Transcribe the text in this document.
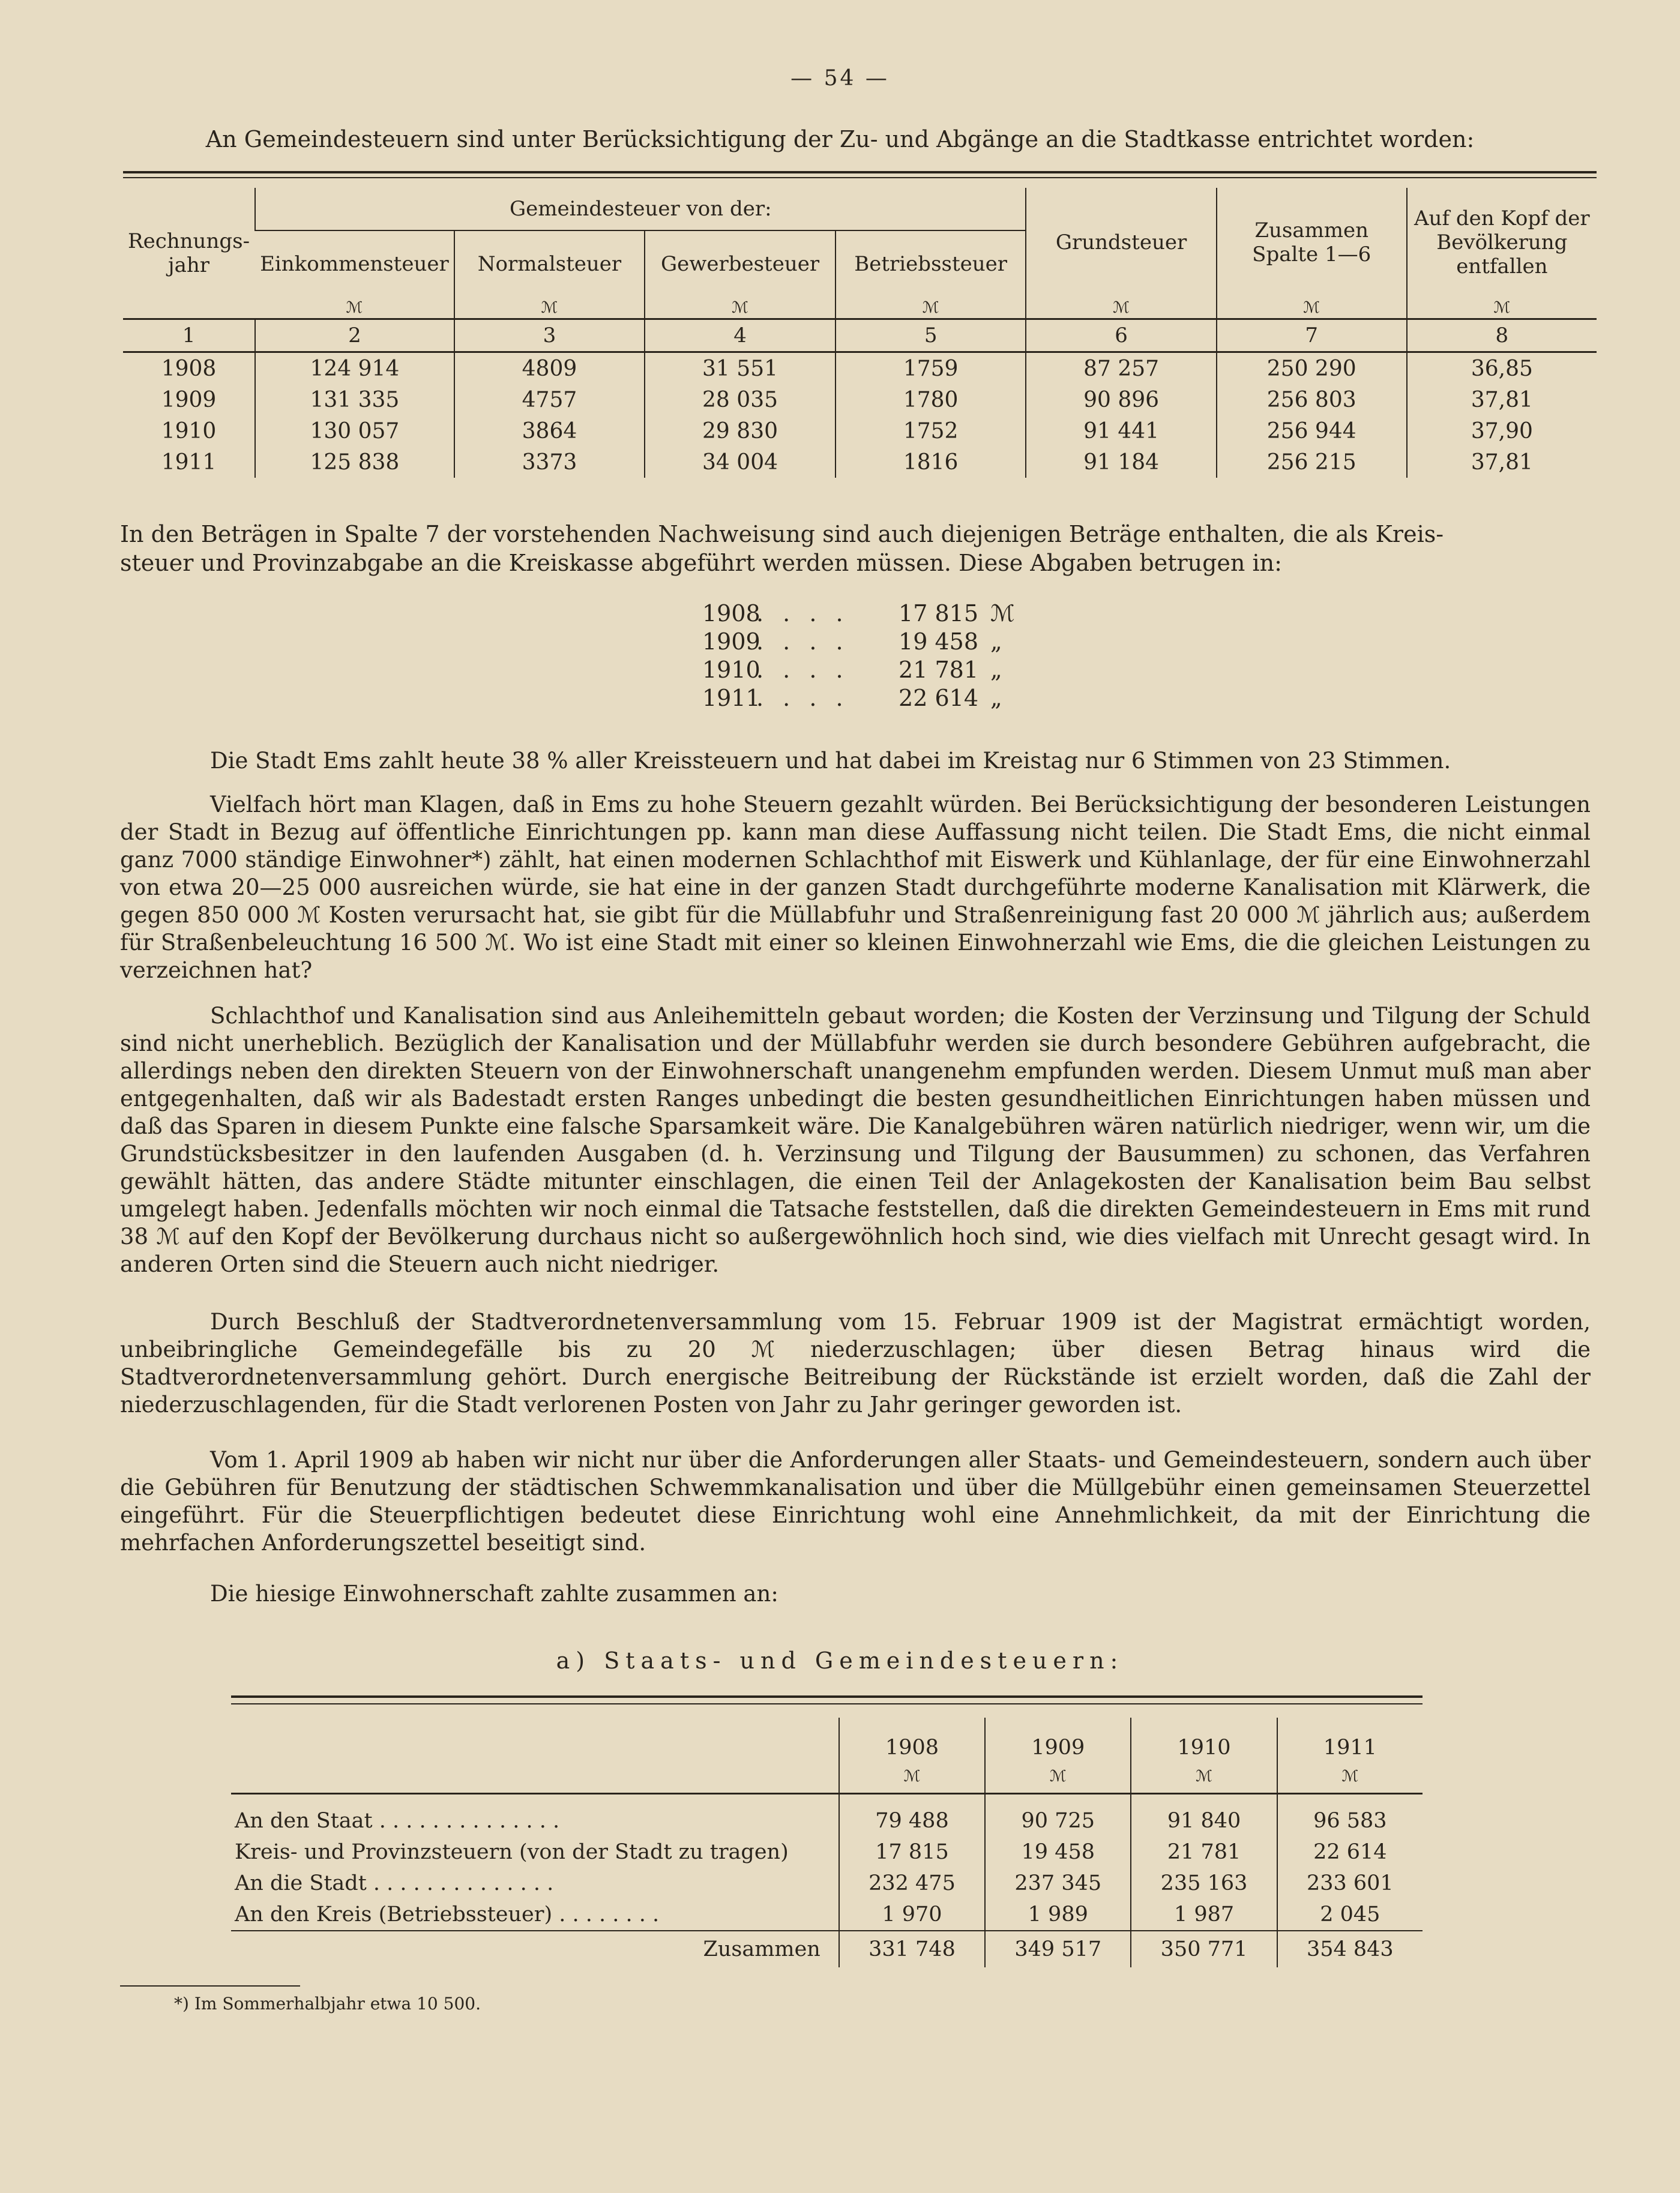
— 54 —
An Gemeindesteuern sind unter Berücksichtigung der Zu- und Abgänge an die Stadtkasse entrichtet worden:
Rechnungs-jahr	Gemeindesteuer von der:				Grundsteuer	Zusammen Spalte 1—6	Auf den Kopf der Bevölkerung entfallen
	Einkommensteuer	Normalsteuer	Gewerbesteuer	Betriebssteuer			
	ℳ	ℳ	ℳ	ℳ	ℳ	ℳ	ℳ
1	2	3	4	5	6	7	8
1908	124 914	4809	31 551	1759	87 257	250 290	36,85
1909	131 335	4757	28 035	1780	90 896	256 803	37,81
1910	130 057	3864	29 830	1752	91 441	256 944	37,90
1911	125 838	3373	34 004	1816	91 184	256 215	37,81
In den Beträgen in Spalte 7 der vorstehenden Nachweisung sind auch diejenigen Beträge enthalten, die als Kreis-
steuer und Provinzabgabe an die Kreiskasse abgeführt werden müssen. Diese Abgaben betrugen in:
1908. . . . 17 815 ℳ
1909. . . . 19 458 „
1910. . . . 21 781 „
1911. . . . 22 614 „
Die Stadt Ems zahlt heute 38 % aller Kreissteuern und hat dabei im Kreistag nur 6 Stimmen von 23 Stimmen.
Vielfach hört man Klagen, daß in Ems zu hohe Steuern gezahlt würden. Bei Berücksichtigung der besonderen Leistungen der Stadt in Bezug auf öffentliche Einrichtungen pp. kann man diese Auffassung nicht teilen. Die Stadt Ems, die nicht einmal ganz 7000 ständige Einwohner*) zählt, hat einen modernen Schlachthof mit Eiswerk und Kühlanlage, der für eine Einwohnerzahl von etwa 20—25 000 ausreichen würde, sie hat eine in der ganzen Stadt durchgeführte moderne Kanalisation mit Klärwerk, die gegen 850 000 ℳ Kosten verursacht hat, sie gibt für die Müllabfuhr und Straßenreinigung fast 20 000 ℳ jährlich aus; außerdem für Straßenbeleuchtung 16 500 ℳ. Wo ist eine Stadt mit einer so kleinen Einwohnerzahl wie Ems, die die gleichen Leistungen zu verzeichnen hat?
Schlachthof und Kanalisation sind aus Anleihemitteln gebaut worden; die Kosten der Verzinsung und Tilgung der Schuld sind nicht unerheblich. Bezüglich der Kanalisation und der Müllabfuhr werden sie durch besondere Gebühren aufgebracht, die allerdings neben den direkten Steuern von der Einwohnerschaft unangenehm empfunden werden. Diesem Unmut muß man aber entgegenhalten, daß wir als Badestadt ersten Ranges unbedingt die besten gesundheitlichen Einrichtungen haben müssen und daß das Sparen in diesem Punkte eine falsche Sparsamkeit wäre. Die Kanalgebühren wären natürlich niedriger, wenn wir, um die Grundstücksbesitzer in den laufenden Ausgaben (d. h. Verzinsung und Tilgung der Bausummen) zu schonen, das Verfahren gewählt hätten, das andere Städte mitunter einschlagen, die einen Teil der Anlagekosten der Kanalisation beim Bau selbst umgelegt haben. Jedenfalls möchten wir noch einmal die Tatsache feststellen, daß die direkten Gemeindesteuern in Ems mit rund 38 ℳ auf den Kopf der Bevölkerung durchaus nicht so außergewöhnlich hoch sind, wie dies vielfach mit Unrecht gesagt wird. In anderen Orten sind die Steuern auch nicht niedriger.
Durch Beschluß der Stadtverordnetenversammlung vom 15. Februar 1909 ist der Magistrat ermächtigt worden, unbeibringliche Gemeindegefälle bis zu 20 ℳ niederzuschlagen; über diesen Betrag hinaus wird die Stadtverordnetenversammlung gehört. Durch energische Beitreibung der Rückstände ist erzielt worden, daß die Zahl der niederzuschlagenden, für die Stadt verlorenen Posten von Jahr zu Jahr geringer geworden ist.
Vom 1. April 1909 ab haben wir nicht nur über die Anforderungen aller Staats- und Gemeindesteuern, sondern auch über die Gebühren für Benutzung der städtischen Schwemmkanalisation und über die Müllgebühr einen gemeinsamen Steuerzettel eingeführt. Für die Steuerpflichtigen bedeutet diese Einrichtung wohl eine Annehmlichkeit, da mit der Einrichtung die mehrfachen Anforderungszettel beseitigt sind.
Die hiesige Einwohnerschaft zahlte zusammen an:
a) Staats- und Gemeindesteuern:
	1908	1909	1910	1911
	ℳ	ℳ	ℳ	ℳ
An den Staat . . . . . . . . . . . . . .	79 488	90 725	91 840	96 583
Kreis- und Provinzsteuern (von der Stadt zu tragen)	17 815	19 458	21 781	22 614
An die Stadt . . . . . . . . . . . . . .	232 475	237 345	235 163	233 601
An den Kreis (Betriebssteuer) . . . . . . . .	1 970	1 989	1 987	2 045
Zusammen	331 748	349 517	350 771	354 843
*) Im Sommerhalbjahr etwa 10 500.
